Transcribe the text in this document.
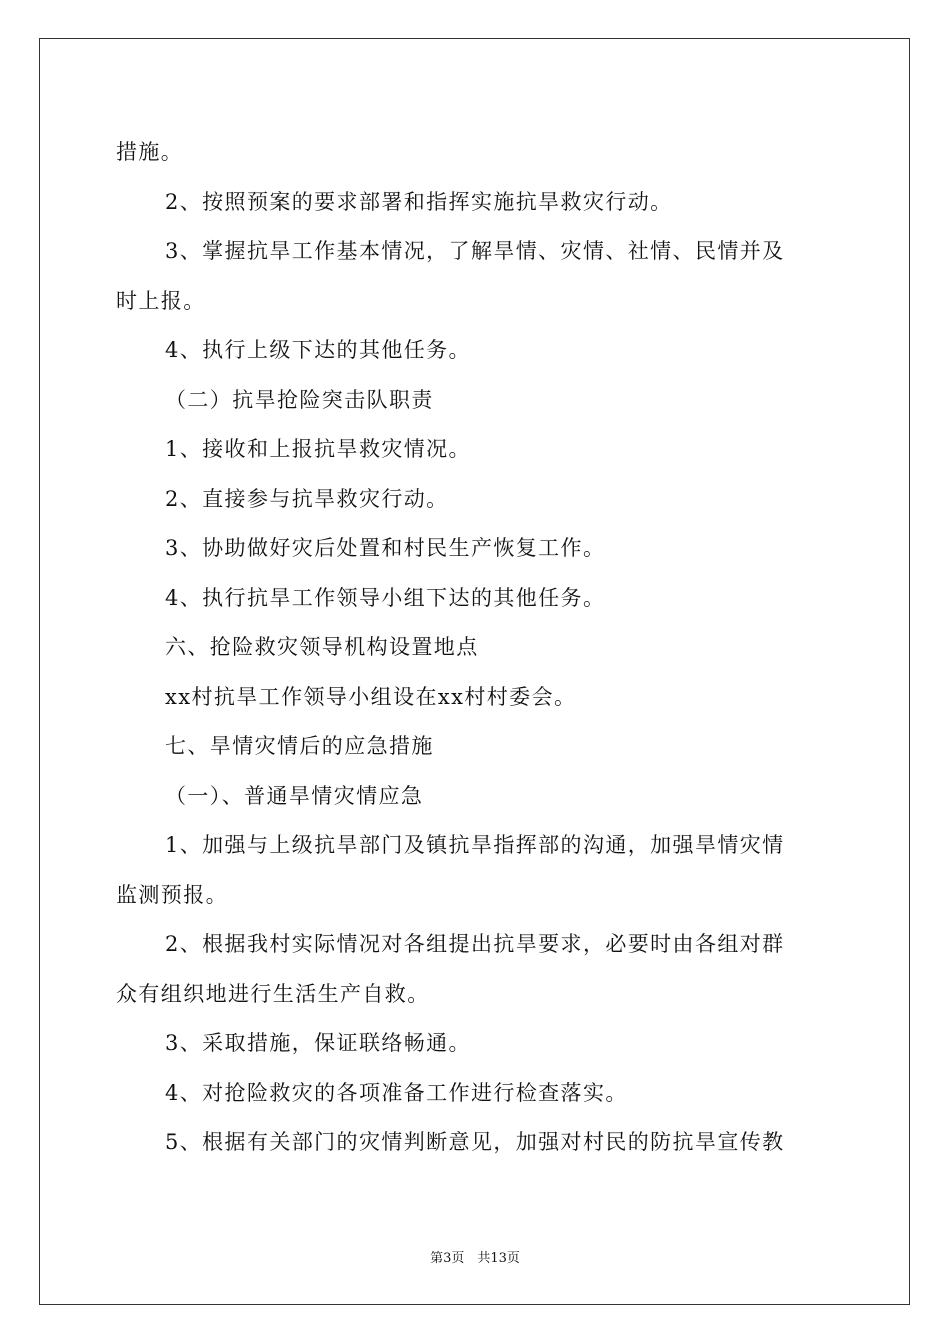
措施。

2、按照预案的要求部署和指挥实施抗旱救灾行动。

3、掌握抗旱工作基本情况，了解旱情、灾情、社情、民情并及

时上报。

4、执行上级下达的其他任务。

（二）抗旱抢险突击队职责

1、接收和上报抗旱救灾情况。

2、直接参与抗旱救灾行动。

3、协助做好灾后处置和村民生产恢复工作。

4、执行抗旱工作领导小组下达的其他任务。

六、抢险救灾领导机构设置地点

xx村抗旱工作领导小组设在xx村村委会。

七、旱情灾情后的应急措施

（一）、普通旱情灾情应急

1、加强与上级抗旱部门及镇抗旱指挥部的沟通，加强旱情灾情

监测预报。

2、根据我村实际情况对各组提出抗旱要求，必要时由各组对群

众有组织地进行生活生产自救。

3、采取措施，保证联络畅通。

4、对抢险救灾的各项准备工作进行检查落实。

5、根据有关部门的灾情判断意见，加强对村民的防抗旱宣传教

第3页　共13页
